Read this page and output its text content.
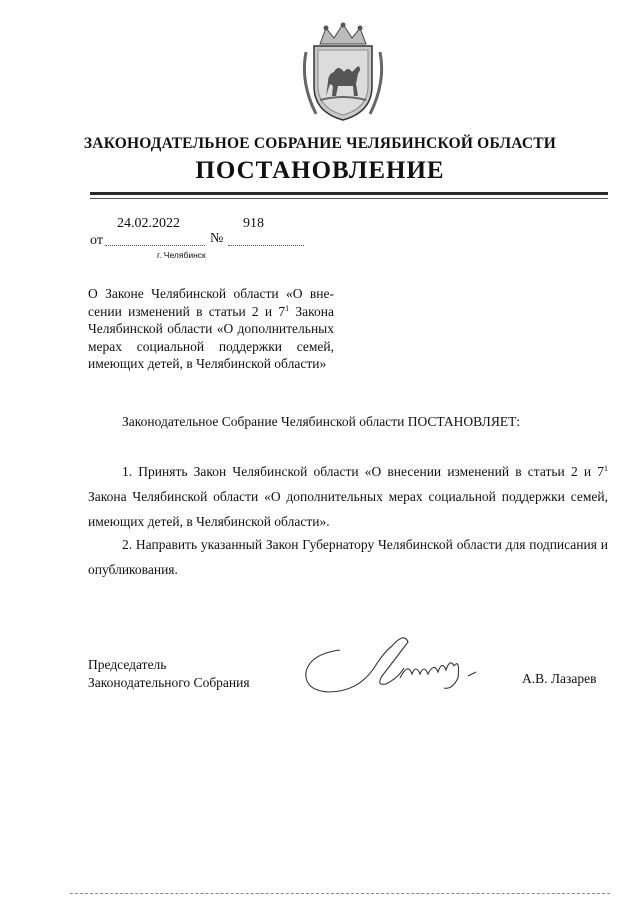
ЗАКОНОДАТЕЛЬНОЕ СОБРАНИЕ ЧЕЛЯБИНСКОЙ ОБЛАСТИ
ПОСТАНОВЛЕНИЕ
24.02.2022	918
от	№
г. Челябинск
О Законе Челябинской области «О внесении изменений в статьи 2 и $7^1$ Закона Челябинской области «О дополнительных мерах социальной поддержки семей, имеющих детей, в Челябинской области»
Законодательное Собрание Челябинской области ПОСТАНОВЛЯЕТ:
1. Принять Закон Челябинской области «О внесении изменений в статьи 2 и $7^1$ Закона Челябинской области «О дополнительных мерах социальной поддержки семей, имеющих детей, в Челябинской области».
2. Направить указанный Закон Губернатору Челябинской области для подписания и опубликования.
Председатель
Законодательного Собрания	А.В. Лазарев
